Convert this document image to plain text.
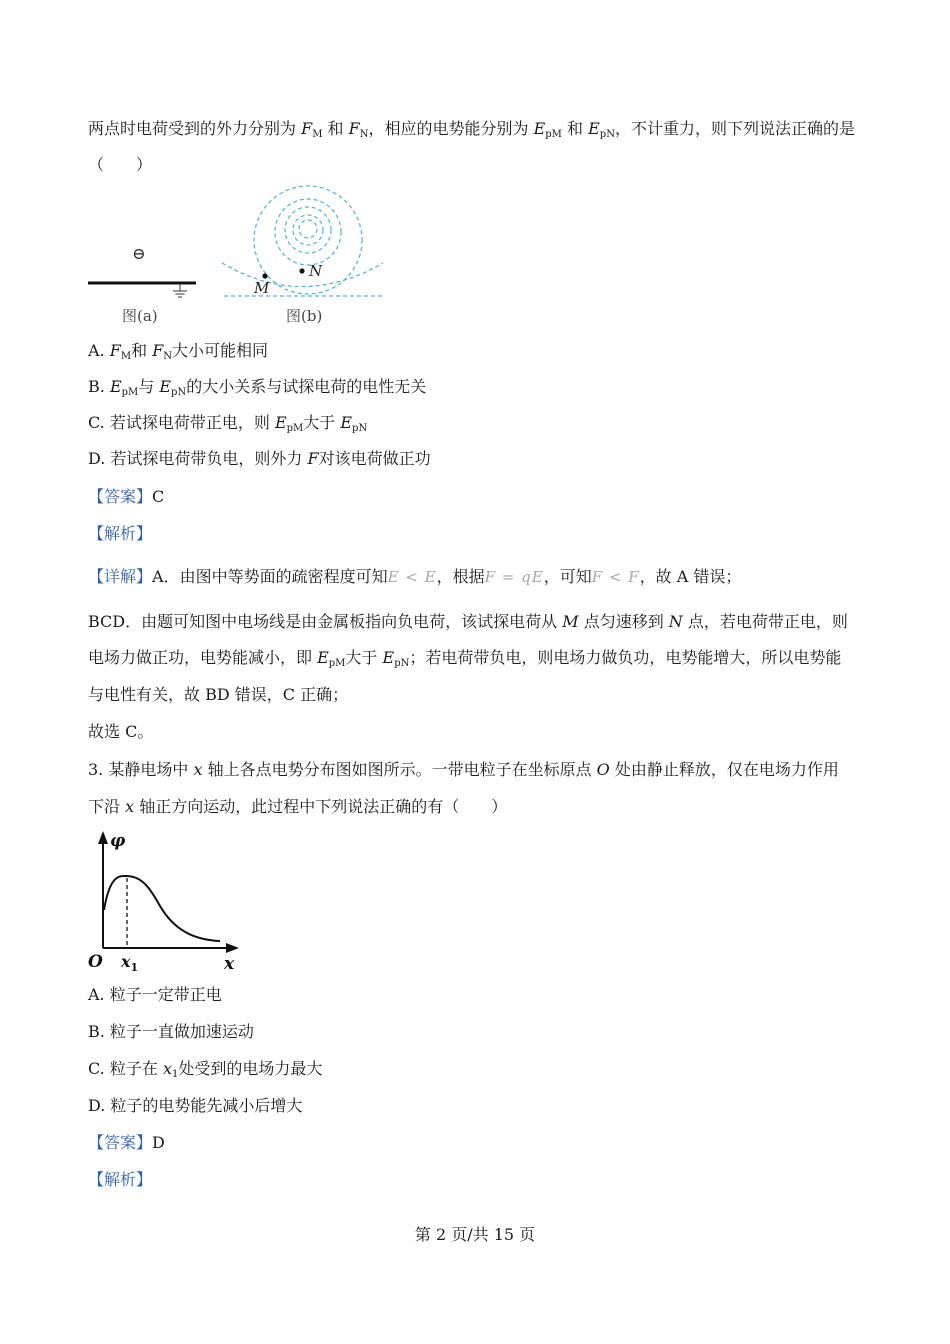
两点时电荷受到的外力分别为 $F_M$ 和 $F_N$，相应的电势能分别为 $E_{pM}$ 和 $E_{pN}$，不计重力，则下列说法正确的是
（　　）
⊖
图(a)
M
N
图(b)
A. $F_M$和 $F_N$大小可能相同
B. $E_{pM}$与 $E_{pN}$的大小关系与试探电荷的电性无关
C. 若试探电荷带正电，则 $E_{pM}$大于 $E_{pN}$
D. 若试探电荷带负电，则外力 F对该电荷做正功
【答案】C
【解析】
【详解】A．由图中等势面的疏密程度可知E < E，根据F = qE，可知F < F，故 A 错误；
BCD．由题可知图中电场线是由金属板指向负电荷，该试探电荷从 M 点匀速移到 N 点，若电荷带正电，则
电场力做正功，电势能减小，即 $E_{pM}$大于 $E_{pN}$；若电荷带负电，则电场力做负功，电势能增大，所以电势能
与电性有关，故 BD 错误，C 正确；
故选 C。
3. 某静电场中 x 轴上各点电势分布图如图所示。一带电粒子在坐标原点 O 处由静止释放，仅在电场力作用
下沿 x 轴正方向运动，此过程中下列说法正确的有（　　）
φ
O $x_1$	x
A. 粒子一定带正电
B. 粒子一直做加速运动
C. 粒子在 $x_1$处受到的电场力最大
D. 粒子的电势能先减小后增大
【答案】D
【解析】
第 2 页/共 15 页
